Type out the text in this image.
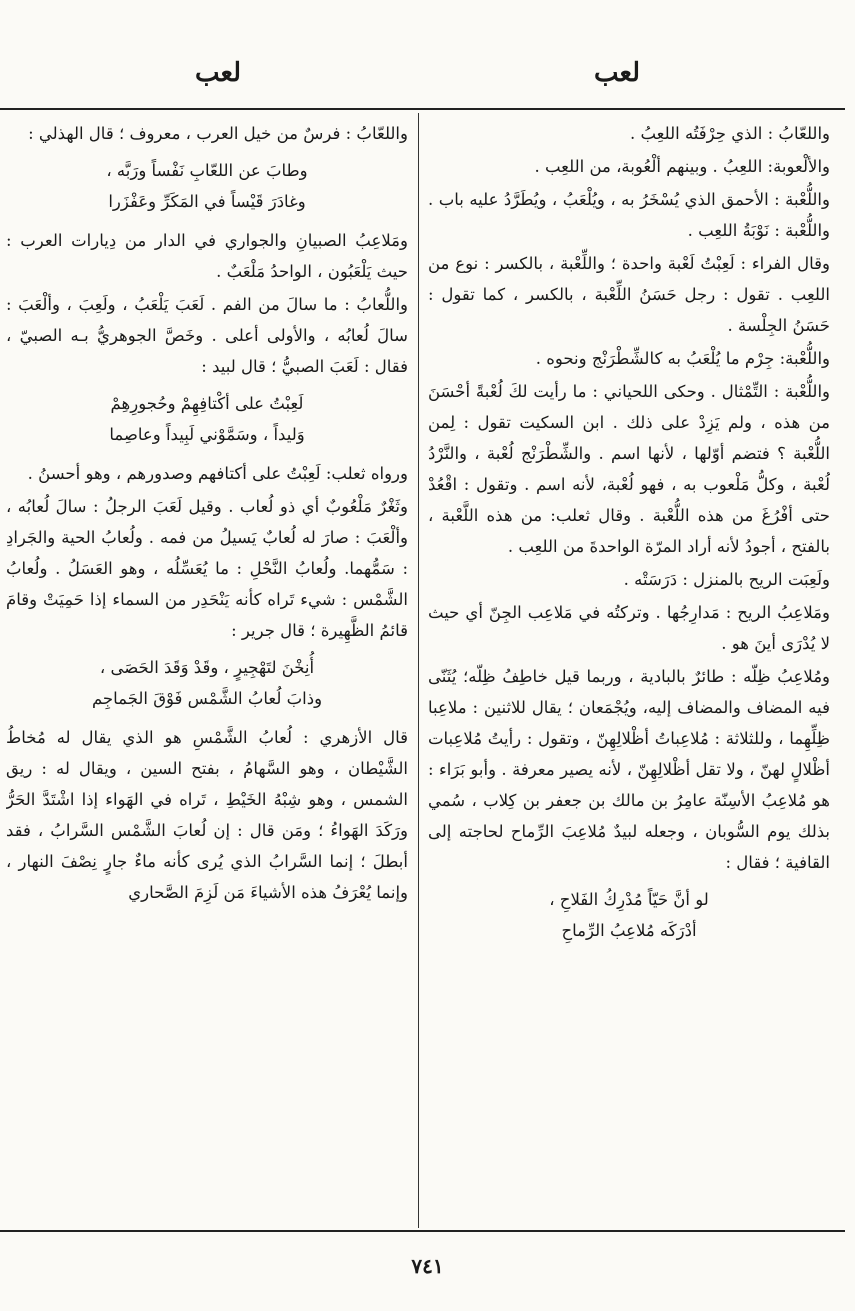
لعب
لعب

واللعّابُ : الذي حِرْفَتُه اللعِبُ .

والألْعوبة: اللعِبُ . وبينهم ألْعُوبة، من اللعِب .

واللُّعْبة : الأحمق الذي يُسْخَرُ به ، ويُلْعَبُ ، ويُطَرَّدُ عليه باب . واللُّعْبة : نَوْبَةُ اللعِب .

وقال الفراء : لَعِبْتُ لَعْبة واحدة ؛ واللِّعْبة ، بالكسر : نوع من اللعِب . تقول : رجل حَسَنُ اللِّعْبة ، بالكسر ، كما تقول : حَسَنُ الجِلْسة .

واللُّعْبة: جِرْم ما يُلْعَبُ به كالشِّطْرَنْج ونحوه .

واللُّعْبة : التِّمْثال . وحكى اللحياني : ما رأيت لكَ لُعْبةً أحْسَنَ من هذه ، ولم يَزِدْ على ذلك . ابن السكيت تقول : لِمن اللُّعْبة ؟ فتضم أوّلها ، لأنها اسم . والشِّطْرَنْج لُعْبة ، والنَّرْدُ لُعْبة ، وكلُّ مَلْعوب به ، فهو لُعْبة، لأنه اسم . وتقول : اقْعُدْ حتى أفْرُغَ من هذه اللُّعْبة . وقال ثعلب: من هذه اللَّعْبة ، بالفتح ، أجودُ لأنه أراد المرّة الواحدةَ من اللعِب .

ولَعِبَت الريح بالمنزل : دَرَسَتْه .

ومَلاعِبُ الريح : مَدارِجُها . وتركتُه في مَلاعِب الجِنّ أي حيث لا يُدْرَى أينَ هو .

ومُلاعِبُ ظِلّه : طائرٌ بالبادية ، وربما قيل خاطِفُ ظِلّه؛ يُثَنّى فيه المضاف والمضاف إليه، ويُجْمَعان ؛ يقال للاثنين : ملاعِبا ظِلِّهِما ، وللثلاثة : مُلاعِباتُ أظْلالِهِنّ ، وتقول : رأيتُ مُلاعِبات أظْلالٍ لهنّ ، ولا تقل أظْلالِهِنّ ، لأنه يصير معرفة . وأبو بَرَاء : هو مُلاعِبُ الأسِنّة عامِرُ بن مالك بن جعفر بن كِلاب ، سُمي بذلك يوم السُّوبان ، وجعله لبيدٌ مُلاعِبَ الرِّماح لحاجته إلى القافية ؛ فقال :

لو أنَّ حَيّاً مُدْرِكُ الفَلاحِ ،
أدْرَكَه مُلاعِبُ الرِّماحِ

واللعّابُ : فرسٌ من خيل العرب ، معروف ؛ قال الهذلي :

وطابَ عن اللعّابِ نَفْساً ورَبَّه ،
وغادَرَ قَيْساً في المَكَرِّ وعَفْزَرا

ومَلاعِبُ الصبيانِ والجواري في الدار من دِيارات العرب : حيث يَلْعَبُون ، الواحدُ مَلْعَبٌ .

واللُّعابُ : ما سالَ من الفم . لَعَبَ يَلْعَبُ ، ولَعِبَ ، وألْعَبَ : سالَ لُعابُه ، والأولى أعلى . وخَصَّ الجوهريُّ بـه الصبيّ ، فقال : لَعَبَ الصبيُّ ؛ قال لبيد :

لَعِبْتُ على أكْتافِهِمْ وحُجورِهِمْ
وَليداً ، وسَمَّوْني لَبِيداً وعاصِما

ورواه ثعلب: لَعِبْتُ على أكتافهم وصدورهم ، وهو أحسنُ .

وثَغْرٌ مَلْعُوبٌ أي ذو لُعاب . وقيل لَعَبَ الرجلُ : سالَ لُعابُه ، وألْعَبَ : صارَ له لُعابٌ يَسيلُ من فمه . ولُعابُ الحية والجَرادِ : سَمُّهما. ولُعابُ النَّحْلِ : ما يُعَسِّلُه ، وهو العَسَلُ . ولُعابُ الشَّمْس : شيء تَراه كأنه يَنْحَدِر من السماء إذا حَمِيَتْ وقامَ قائمُ الظَّهِيرة ؛ قال جرير :

أُنِخْنَ لتَهْجِيرٍ ، وقَدْ وَقَدَ الحَصَى ،
وذابَ لُعابُ الشَّمْس فَوْقَ الجَماجِم

قال الأزهري : لُعابُ الشَّمْسِ هو الذي يقال له مُخاطُ الشَّيْطان ، وهو السَّهامُ ، بفتح السين ، ويقال له : ريق الشمس ، وهو شِبْهُ الخَيْطِ ، تَراه في الهَواء إذا اشْتَدَّ الحَرُّ ورَكَدَ الهَواءُ ؛ ومَن قال : إن لُعابَ الشَّمْس السَّرابُ ، فقد أبطلَ ؛ إنما السَّرابُ الذي يُرى كأنه ماءٌ جارٍ نِصْفَ النهار ، وإنما يُعْرَفُ هذه الأشياءَ مَن لَزِمَ الصَّحاري

٧٤١
